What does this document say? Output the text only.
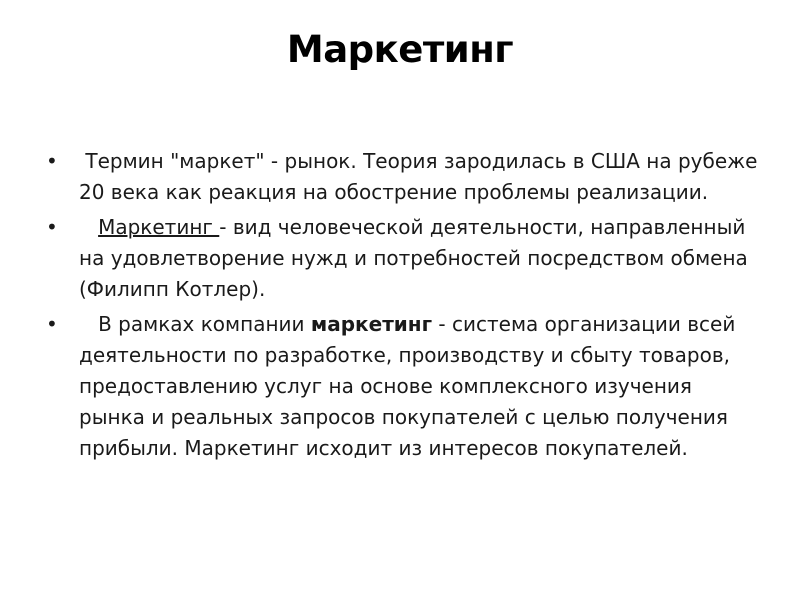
Маркетинг
• Термин "маркет" - рынок. Теория зародилась в США на рубеже 20 века как реакция на обострение проблемы реализации.
• Маркетинг - вид человеческой деятельности, направленный на удовлетворение нужд и потребностей посредством обмена (Филипп Котлер).
• В рамках компании маркетинг - система организации всей деятельности по разработке, производству и сбыту товаров, предоставлению услуг на основе комплексного изучения рынка и реальных запросов покупателей с целью получения прибыли. Маркетинг исходит из интересов покупателей.
